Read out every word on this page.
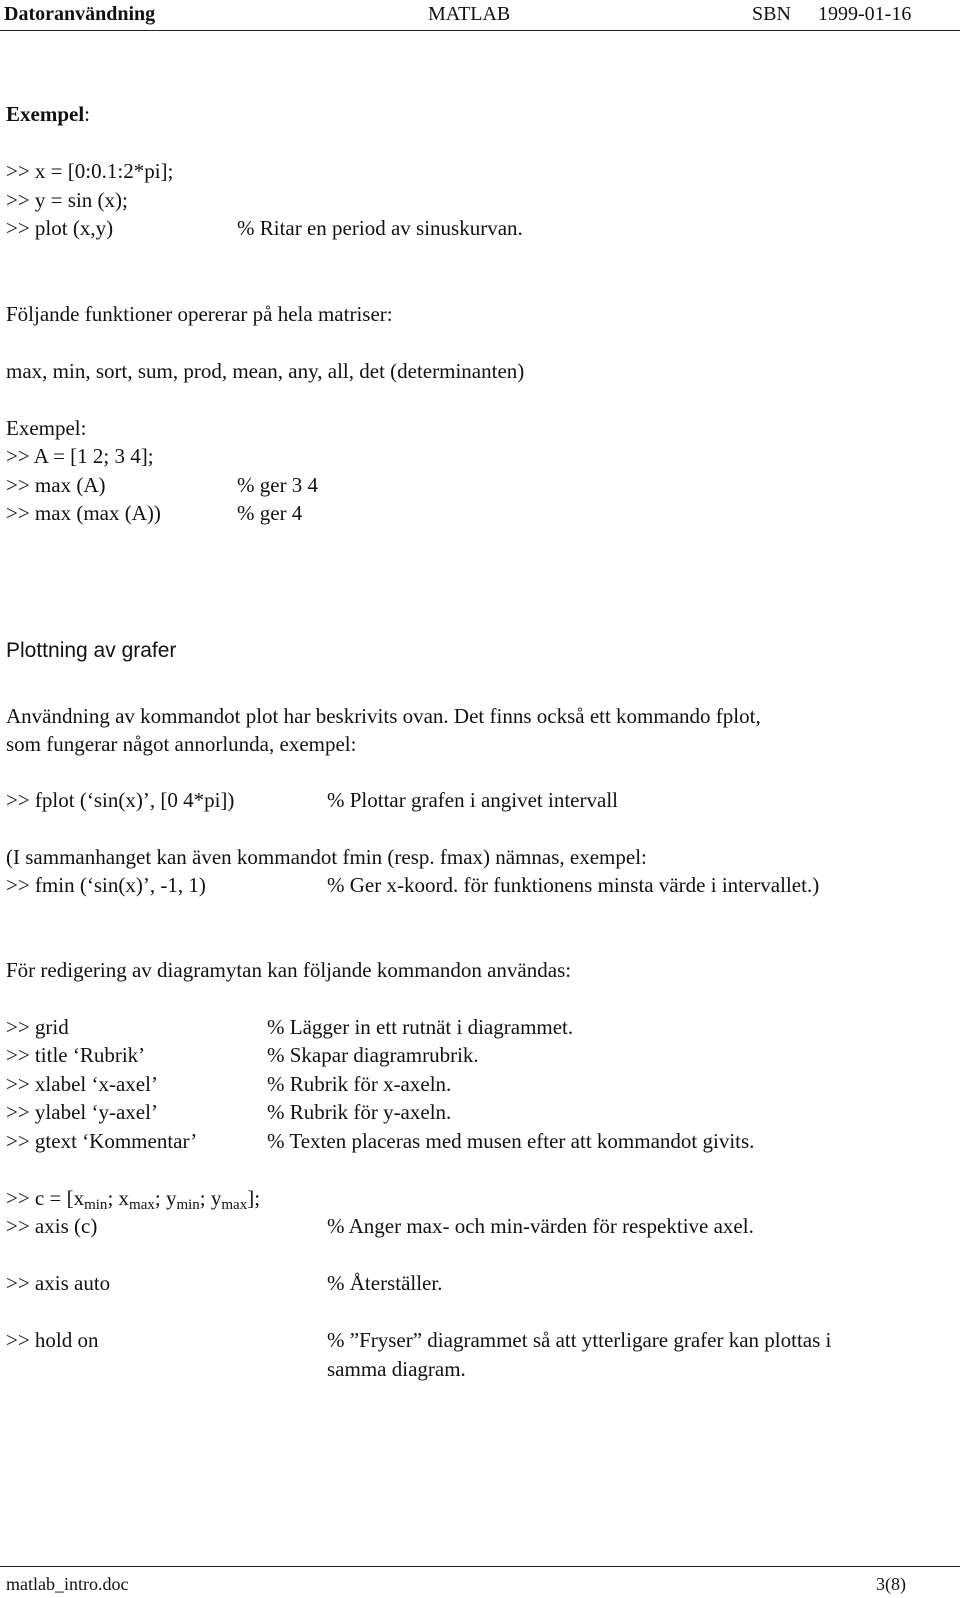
Datoranvändning	MATLAB	SBN 1999-01-16
Exempel:
>> x = [0:0.1:2*pi];
>> y = sin (x);
>> plot (x,y)	% Ritar en period av sinuskurvan.
Följande funktioner opererar på hela matriser:
max, min, sort, sum, prod, mean, any, all, det (determinanten)
Exempel:
>> A = [1 2; 3 4];
>> max (A)	% ger 3 4
>> max (max (A))	% ger 4
Plottning av grafer
Användning av kommandot plot har beskrivits ovan. Det finns också ett kommando fplot,
som fungerar något annorlunda, exempel:
>> fplot (‘sin(x)’, [0 4*pi])	% Plottar grafen i angivet intervall
(I sammanhanget kan även kommandot fmin (resp. fmax) nämnas, exempel:
>> fmin (‘sin(x)’, -1, 1)	% Ger x-koord. för funktionens minsta värde i intervallet.)
För redigering av diagramytan kan följande kommandon användas:
>> grid	% Lägger in ett rutnät i diagrammet.
>> title ‘Rubrik’	% Skapar diagramrubrik.
>> xlabel ‘x-axel’	% Rubrik för x-axeln.
>> ylabel ‘y-axel’	% Rubrik för y-axeln.
>> gtext ‘Kommentar’	% Texten placeras med musen efter att kommandot givits.
>> $c = [x_{min}$; $x_{max}$; $y_{min}$; $y_{max}$];
>> axis (c)	% Anger max- och min-värden för respektive axel.
>> axis auto	% Återställer.
>> hold on	% ”Fryser” diagrammet så att ytterligare grafer kan plottas i
samma diagram.
matlab_intro.doc	3(8)
